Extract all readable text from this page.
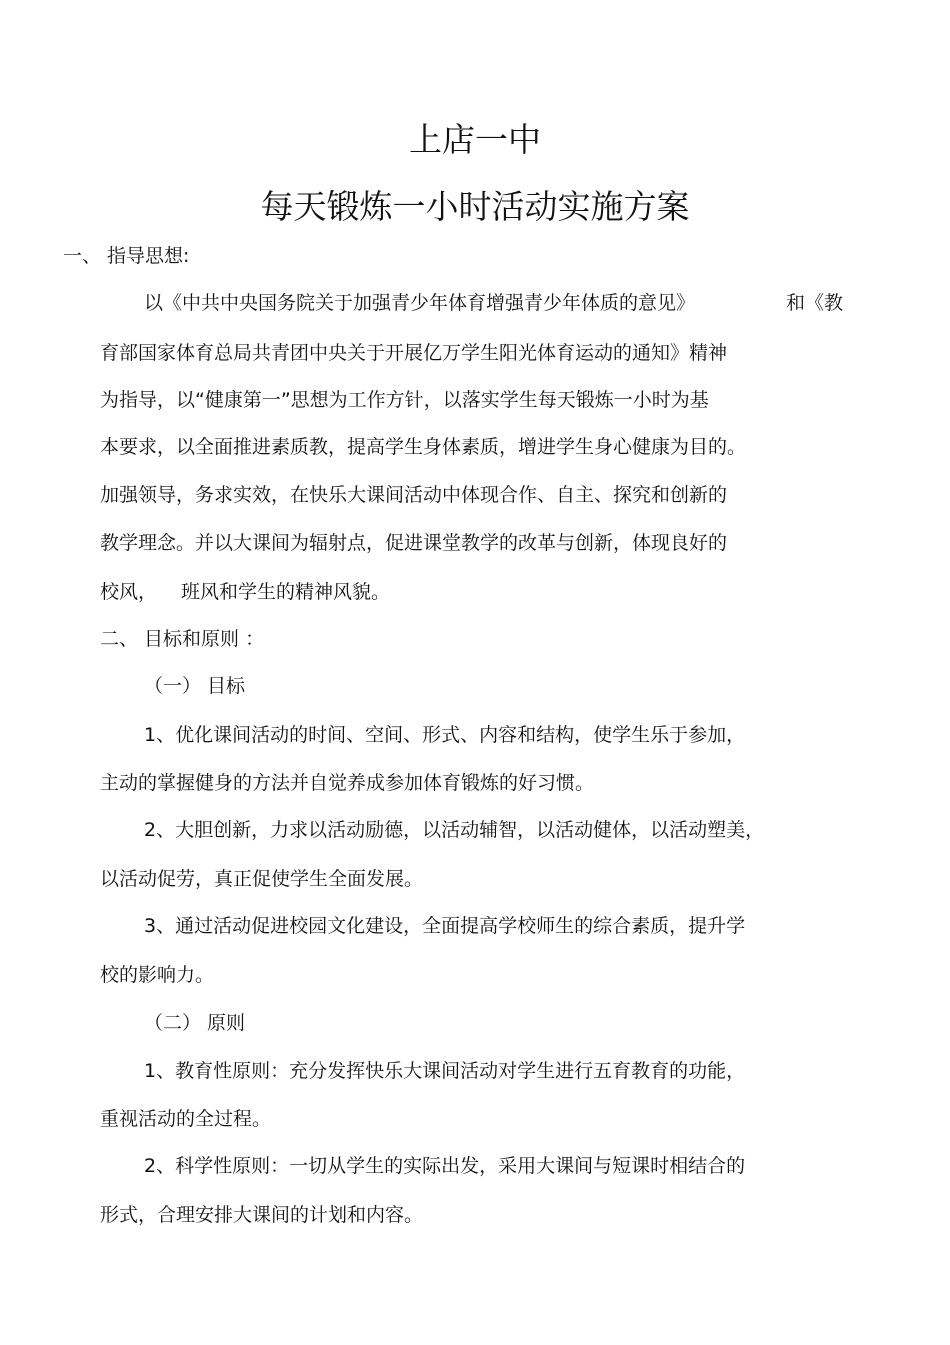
上店一中
每天锻炼一小时活动实施方案
一、 指导思想:
以《中共中央国务院关于加强青少年体育增强青少年体质的意见》	和《教
育部国家体育总局共青团中央关于开展亿万学生阳光体育运动的通知》精神
为指导，以“健康第一”思想为工作方针，以落实学生每天锻炼一小时为基
本要求，以全面推进素质教，提高学生身体素质，增进学生身心健康为目的。
加强领导，务求实效，在快乐大课间活动中体现合作、自主、探究和创新的
教学理念。并以大课间为辐射点，促进课堂教学的改革与创新，体现良好的
校风， 班风和学生的精神风貌。
二、 目标和原则 ：
（一） 目标
1、优化课间活动的时间、空间、形式、内容和结构，使学生乐于参加，
主动的掌握健身的方法并自觉养成参加体育锻炼的好习惯。
2、大胆创新，力求以活动励德，以活动辅智，以活动健体，以活动塑美，
以活动促劳，真正促使学生全面发展。
3、通过活动促进校园文化建设，全面提高学校师生的综合素质，提升学
校的影响力。
（二） 原则
1、教育性原则：充分发挥快乐大课间活动对学生进行五育教育的功能，
重视活动的全过程。
2、科学性原则：一切从学生的实际出发，采用大课间与短课时相结合的
形式，合理安排大课间的计划和内容。
